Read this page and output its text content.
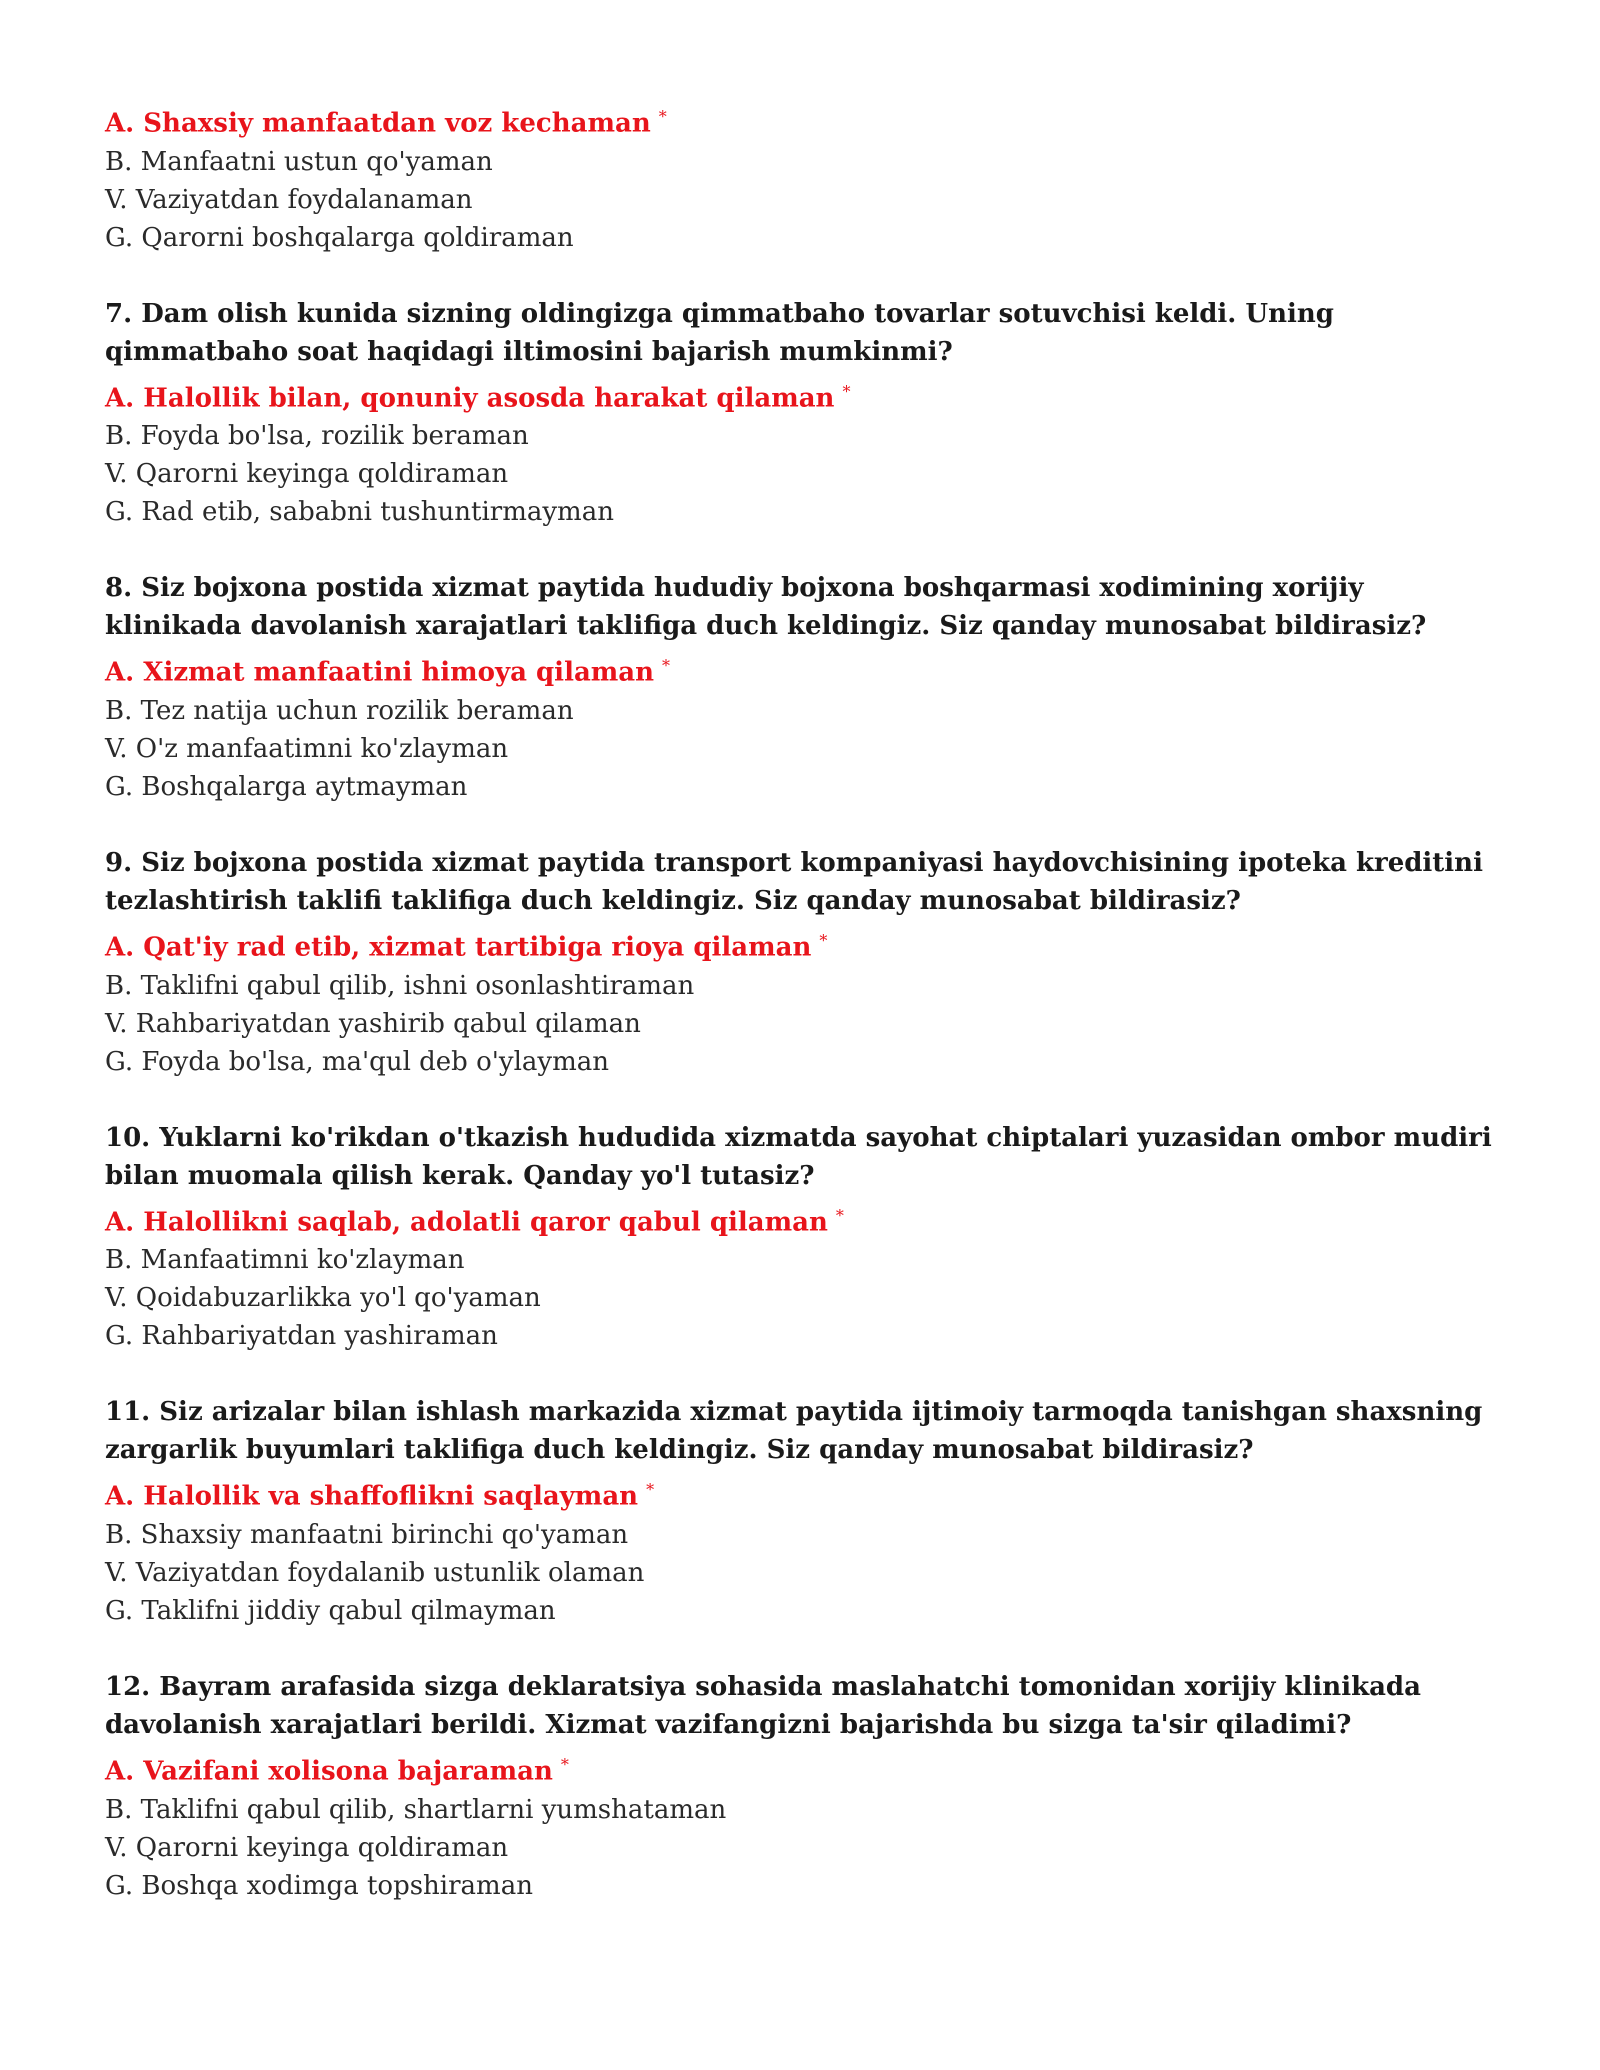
A. Shaxsiy manfaatdan voz kechaman *

B. Manfaatni ustun qo'yaman

V. Vaziyatdan foydalanaman

G. Qarorni boshqalarga qoldiraman

7. Dam olish kunida sizning oldingizga qimmatbaho tovarlar sotuvchisi keldi. Uning qimmatbaho soat haqidagi iltimosini bajarish mumkinmi?

A. Halollik bilan, qonuniy asosda harakat qilaman *

B. Foyda bo'lsa, rozilik beraman

V. Qarorni keyinga qoldiraman

G. Rad etib, sababni tushuntirmayman

8. Siz bojxona postida xizmat paytida hududiy bojxona boshqarmasi xodimining xorijiy klinikada davolanish xarajatlari taklifiga duch keldingiz. Siz qanday munosabat bildirasiz?

A. Xizmat manfaatini himoya qilaman *

B. Tez natija uchun rozilik beraman

V. O'z manfaatimni ko'zlayman

G. Boshqalarga aytmayman

9. Siz bojxona postida xizmat paytida transport kompaniyasi haydovchisining ipoteka kreditini tezlashtirish taklifi taklifiga duch keldingiz. Siz qanday munosabat bildirasiz?

A. Qat'iy rad etib, xizmat tartibiga rioya qilaman *

B. Taklifni qabul qilib, ishni osonlashtiraman

V. Rahbariyatdan yashirib qabul qilaman

G. Foyda bo'lsa, ma'qul deb o'ylayman

10. Yuklarni ko'rikdan o'tkazish hududida xizmatda sayohat chiptalari yuzasidan ombor mudiri bilan muomala qilish kerak. Qanday yo'l tutasiz?

A. Halollikni saqlab, adolatli qaror qabul qilaman *

B. Manfaatimni ko'zlayman

V. Qoidabuzarlikka yo'l qo'yaman

G. Rahbariyatdan yashiraman

11. Siz arizalar bilan ishlash markazida xizmat paytida ijtimoiy tarmoqda tanishgan shaxsning zargarlik buyumlari taklifiga duch keldingiz. Siz qanday munosabat bildirasiz?

A. Halollik va shaffoflikni saqlayman *

B. Shaxsiy manfaatni birinchi qo'yaman

V. Vaziyatdan foydalanib ustunlik olaman

G. Taklifni jiddiy qabul qilmayman

12. Bayram arafasida sizga deklaratsiya sohasida maslahatchi tomonidan xorijiy klinikada davolanish xarajatlari berildi. Xizmat vazifangizni bajarishda bu sizga ta'sir qiladimi?

A. Vazifani xolisona bajaraman *

B. Taklifni qabul qilib, shartlarni yumshataman

V. Qarorni keyinga qoldiraman

G. Boshqa xodimga topshiraman
